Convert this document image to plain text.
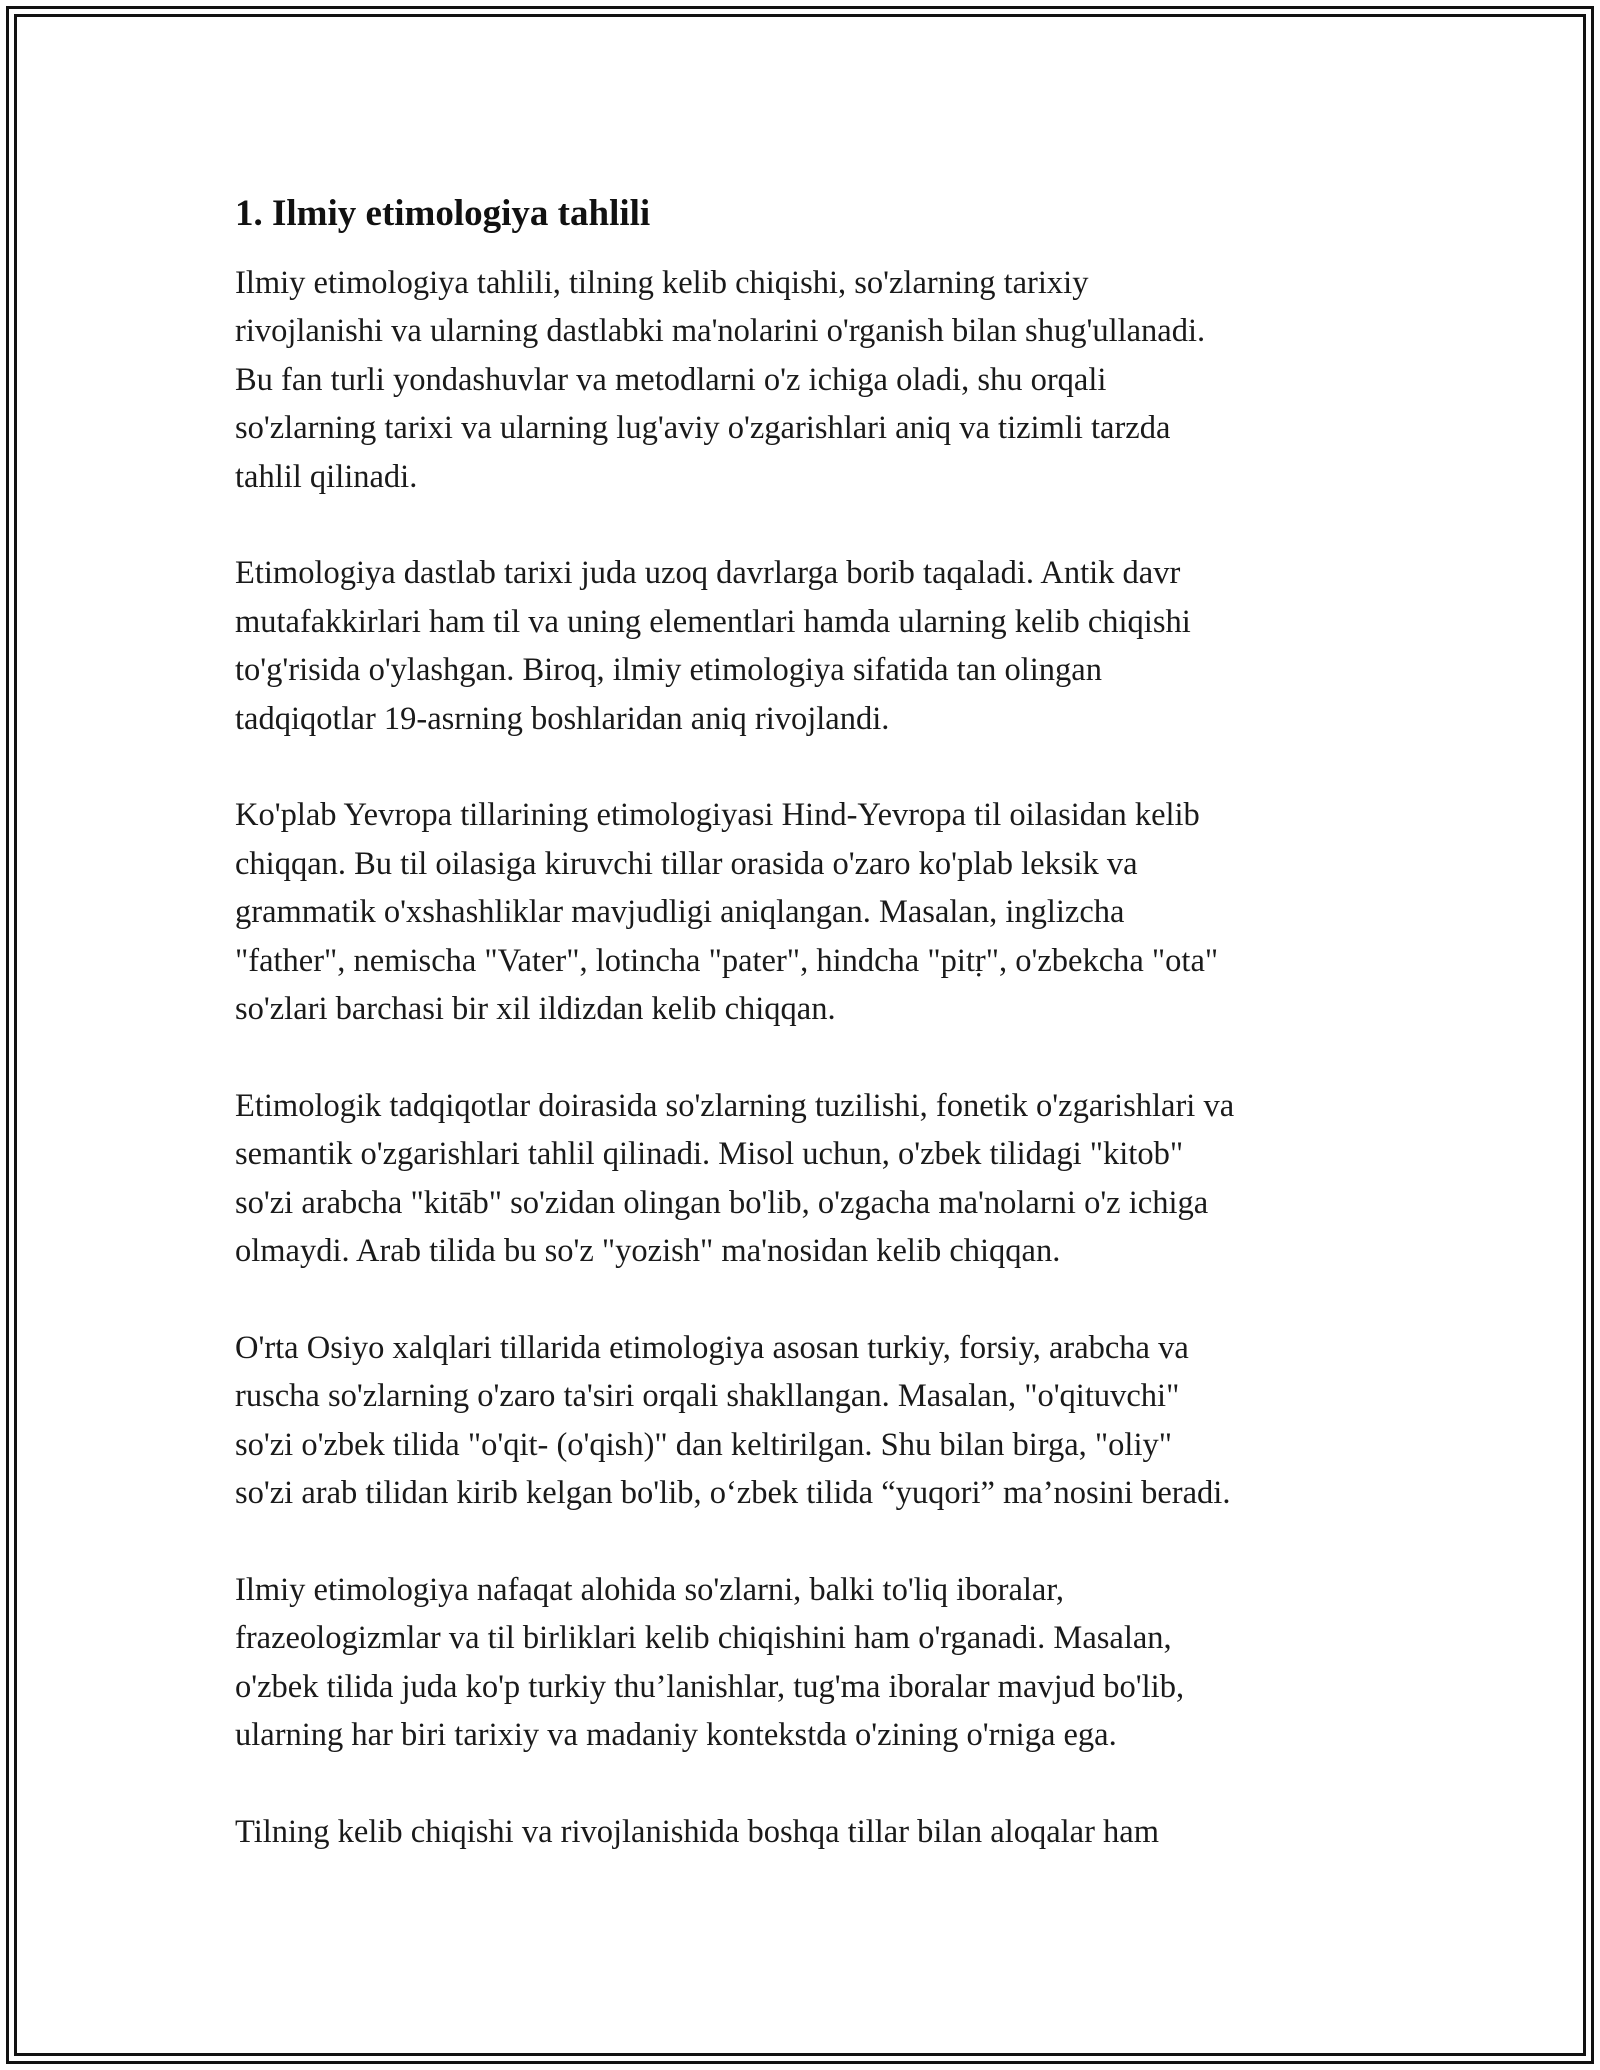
1. Ilmiy etimologiya tahlili

Ilmiy etimologiya tahlili, tilning kelib chiqishi, so'zlarning tarixiy
rivojlanishi va ularning dastlabki ma'nolarini o'rganish bilan shug'ullanadi.
Bu fan turli yondashuvlar va metodlarni o'z ichiga oladi, shu orqali
so'zlarning tarixi va ularning lug'aviy o'zgarishlari aniq va tizimli tarzda
tahlil qilinadi.

Etimologiya dastlab tarixi juda uzoq davrlarga borib taqaladi. Antik davr
mutafakkirlari ham til va uning elementlari hamda ularning kelib chiqishi
to'g'risida o'ylashgan. Biroq, ilmiy etimologiya sifatida tan olingan
tadqiqotlar 19-asrning boshlaridan aniq rivojlandi.

Ko'plab Yevropa tillarining etimologiyasi Hind-Yevropa til oilasidan kelib
chiqqan. Bu til oilasiga kiruvchi tillar orasida o'zaro ko'plab leksik va
grammatik o'xshashliklar mavjudligi aniqlangan. Masalan, inglizcha
"father", nemischa "Vater", lotincha "pater", hindcha "pitṛ", o'zbekcha "ota"
so'zlari barchasi bir xil ildizdan kelib chiqqan.

Etimologik tadqiqotlar doirasida so'zlarning tuzilishi, fonetik o'zgarishlari va
semantik o'zgarishlari tahlil qilinadi. Misol uchun, o'zbek tilidagi "kitob"
so'zi arabcha "kitāb" so'zidan olingan bo'lib, o'zgacha ma'nolarni o'z ichiga
olmaydi. Arab tilida bu so'z "yozish" ma'nosidan kelib chiqqan.

O'rta Osiyo xalqlari tillarida etimologiya asosan turkiy, forsiy, arabcha va
ruscha so'zlarning o'zaro ta'siri orqali shakllangan. Masalan, "o'qituvchi"
so'zi o'zbek tilida "o'qit- (o'qish)" dan keltirilgan. Shu bilan birga, "oliy"
so'zi arab tilidan kirib kelgan bo'lib, oʻzbek tilida “yuqori” ma’nosini beradi.

Ilmiy etimologiya nafaqat alohida so'zlarni, balki to'liq iboralar,
frazeologizmlar va til birliklari kelib chiqishini ham o'rganadi. Masalan,
o'zbek tilida juda ko'p turkiy thu’lanishlar, tug'ma iboralar mavjud bo'lib,
ularning har biri tarixiy va madaniy kontekstda o'zining o'rniga ega.

Tilning kelib chiqishi va rivojlanishida boshqa tillar bilan aloqalar ham
